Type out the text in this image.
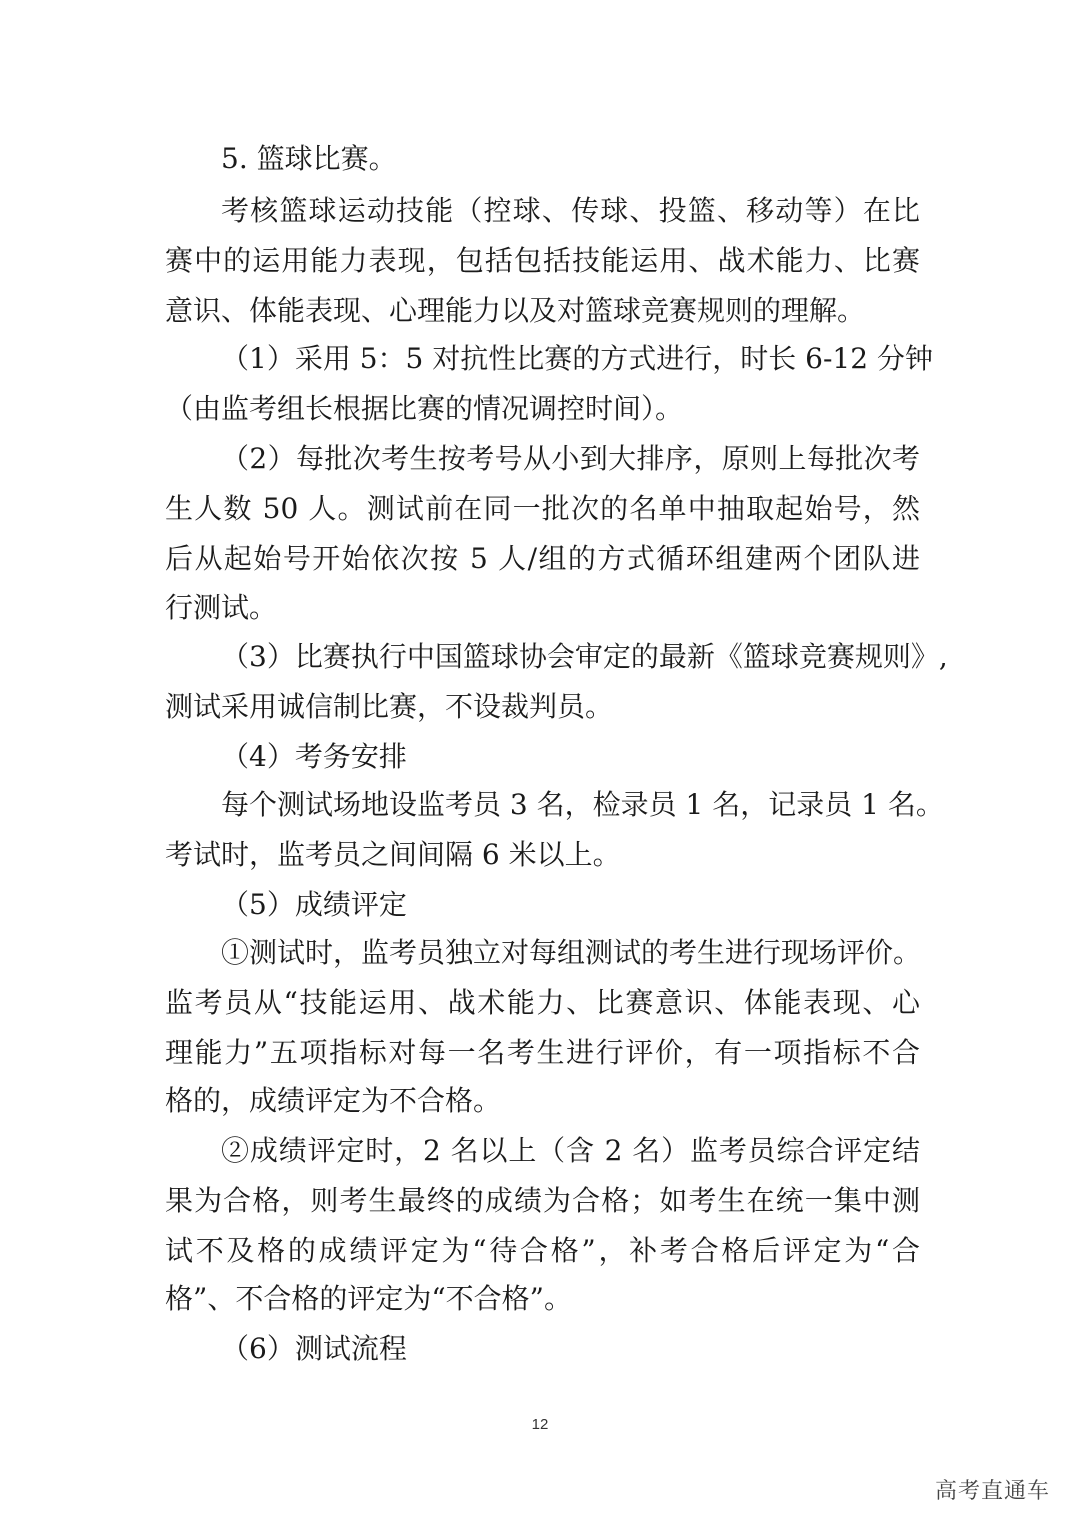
5. 篮球比赛。
考核篮球运动技能（控球、传球、投篮、移动等）在比
赛中的运用能力表现，包括包括技能运用、战术能力、比赛
意识、体能表现、心理能力以及对篮球竞赛规则的理解。
（1）采用 5：5 对抗性比赛的方式进行，时长 6-12 分钟
（由监考组长根据比赛的情况调控时间）。
（2）每批次考生按考号从小到大排序，原则上每批次考
生人数 50 人。测试前在同一批次的名单中抽取起始号，然
后从起始号开始依次按 5 人/组的方式循环组建两个团队进
行测试。
（3）比赛执行中国篮球协会审定的最新《篮球竞赛规则》,
测试采用诚信制比赛，不设裁判员。
（4）考务安排
每个测试场地设监考员 3 名，检录员 1 名，记录员 1 名。
考试时，监考员之间间隔 6 米以上。
（5）成绩评定
①测试时，监考员独立对每组测试的考生进行现场评价。
监考员从“技能运用、战术能力、比赛意识、体能表现、心
理能力”五项指标对每一名考生进行评价，有一项指标不合
格的，成绩评定为不合格。
②成绩评定时，2 名以上（含 2 名）监考员综合评定结
果为合格，则考生最终的成绩为合格；如考生在统一集中测
试不及格的成绩评定为“待合格”，补考合格后评定为“合
格”、不合格的评定为“不合格”。
（6）测试流程
12
高考直通车
